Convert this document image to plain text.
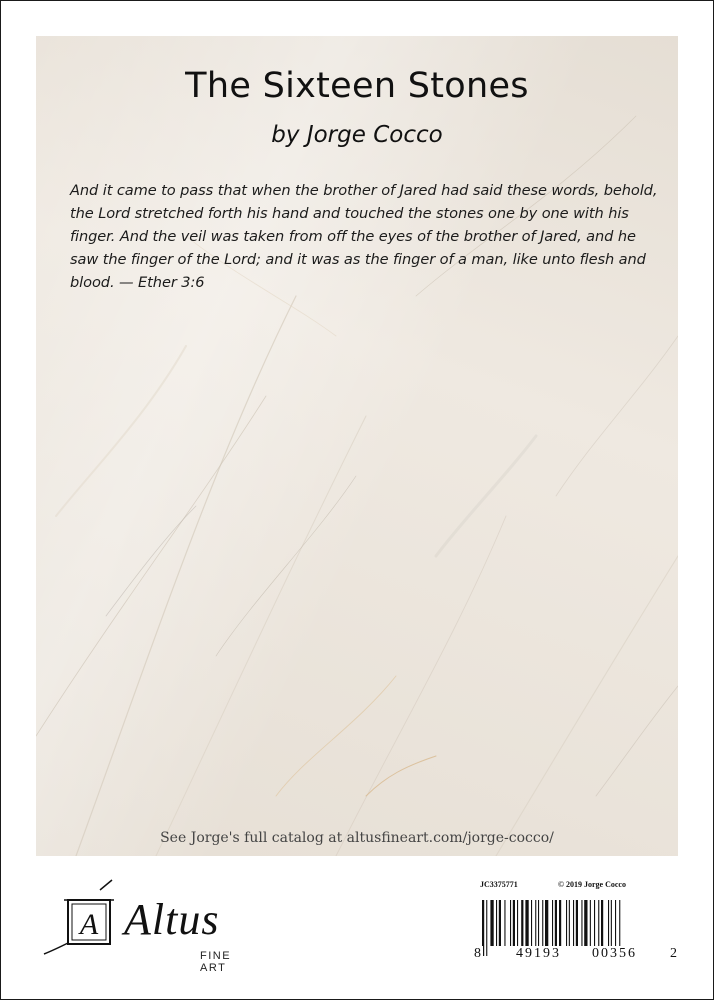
The Sixteen Stones

by Jorge Cocco

And it came to pass that when the brother of Jared had said these words, behold, the Lord stretched forth his hand and touched the stones one by one with his finger. And the veil was taken from off the eyes of the brother of Jared, and he saw the finger of the Lord; and it was as the finger of a man, like unto flesh and blood. — Ether 3:6

See Jorge's full catalog at altusfineart.com/jorge-cocco/
A Altus
FINE ART
JC3375771	© 2019 Jorge Cocco
8	49193 00356 2
